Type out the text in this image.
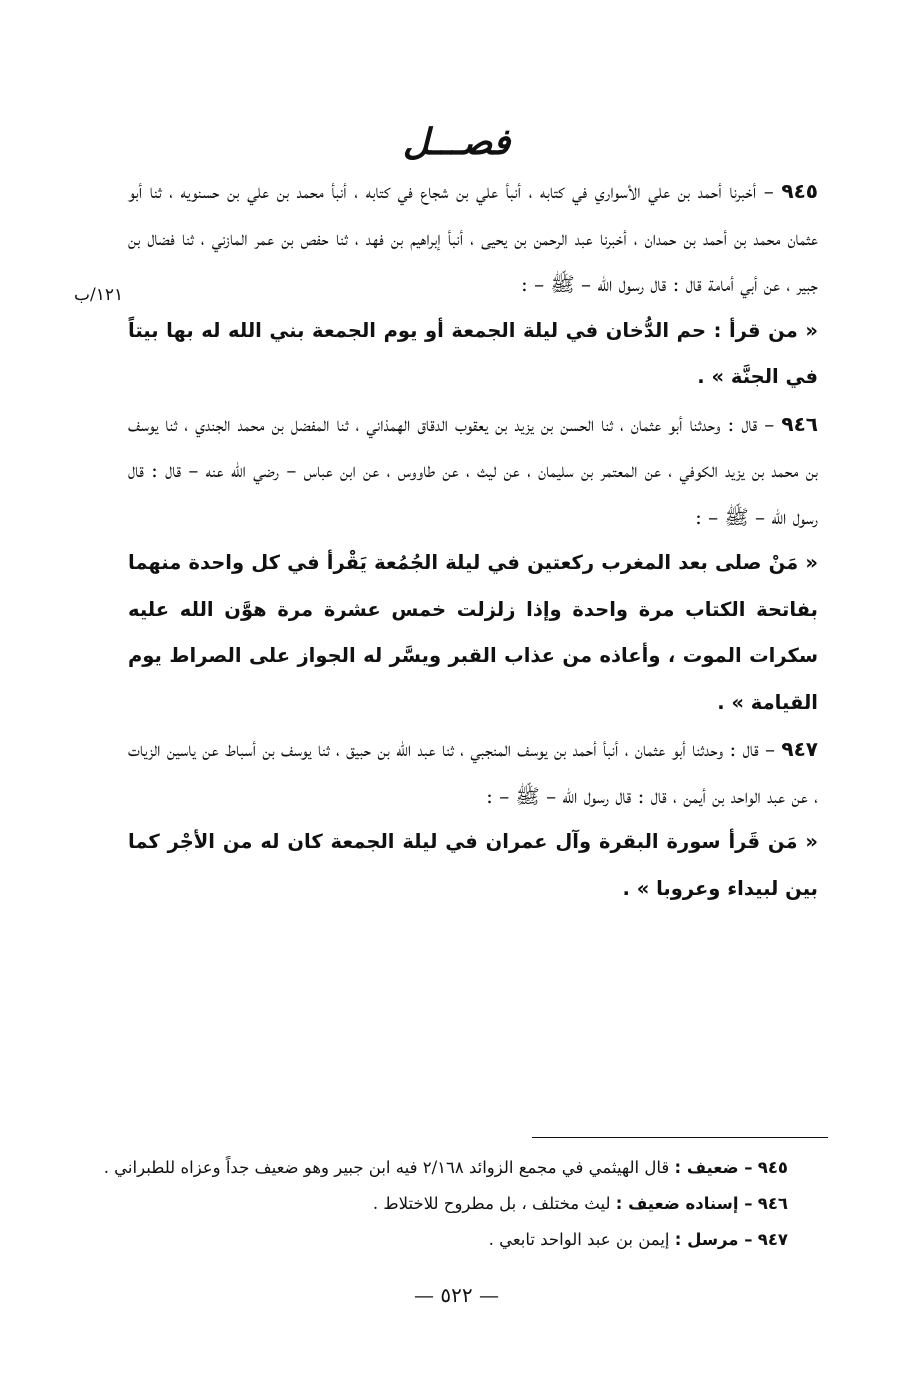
فصـــل
١٢١/ب

٩٤٥ – أخبرنا أحمد بن علي الأسواري في كتابه ، أنبأ علي بن شجاع في كتابه ، أنبأ محمد بن علي بن حسنويه ، ثنا أبو عثمان محمد بن أحمد بن حمدان ، أخبرنا عبد الرحمن بن يحيى ، أنبأ إبراهيم بن فهد ، ثنا حفص بن عمر المازني ، ثنا فضال بن جبير ، عن أبي أمامة قال : قال رسول الله – ﷺ – :

« من قرأ : حم الدُّخان في ليلة الجمعة أو يوم الجمعة بني الله له بها بيتاً في الجنَّة » .

٩٤٦ – قال : وحدثنا أبو عثمان ، ثنا الحسن بن يزيد بن يعقوب الدقاق الهمذاني ، ثنا المفضل بن محمد الجندي ، ثنا يوسف بن محمد بن يزيد الكوفي ، عن المعتمر بن سليمان ، عن ليث ، عن طاووس ، عن ابن عباس – رضي الله عنه – قال : قال رسول الله – ﷺ – :

« مَنْ صلى بعد المغرب ركعتين في ليلة الجُمُعة يَقْرأ في كل واحدة منهما بفاتحة الكتاب مرة واحدة وإذا زلزلت خمس عشرة مرة هوَّن الله عليه سكرات الموت ، وأعاذه من عذاب القبر ويسَّر له الجواز على الصراط يوم القيامة » .

٩٤٧ – قال : وحدثنا أبو عثمان ، أنبأ أحمد بن يوسف المنجبي ، ثنا عبد الله بن حبيق ، ثنا يوسف بن أسباط عن ياسين الزيات ، عن عبد الواحد بن أيمن ، قال : قال رسول الله – ﷺ – :

« مَن قَرأ سورة البقرة وآل عمران في ليلة الجمعة كان له من الأجْر كما بين لبيداء وعروبا » .

٩٤٥ – ضعيف : قال الهيثمي في مجمع الزوائد ٢/١٦٨ فيه ابن جبير وهو ضعيف جداً وعزاه للطبراني .

٩٤٦ – إسناده ضعيف : ليث مختلف ، بل مطروح للاختلاط .

٩٤٧ – مرسل : إيمن بن عبد الواحد تابعي .

— ٥٢٢ —
